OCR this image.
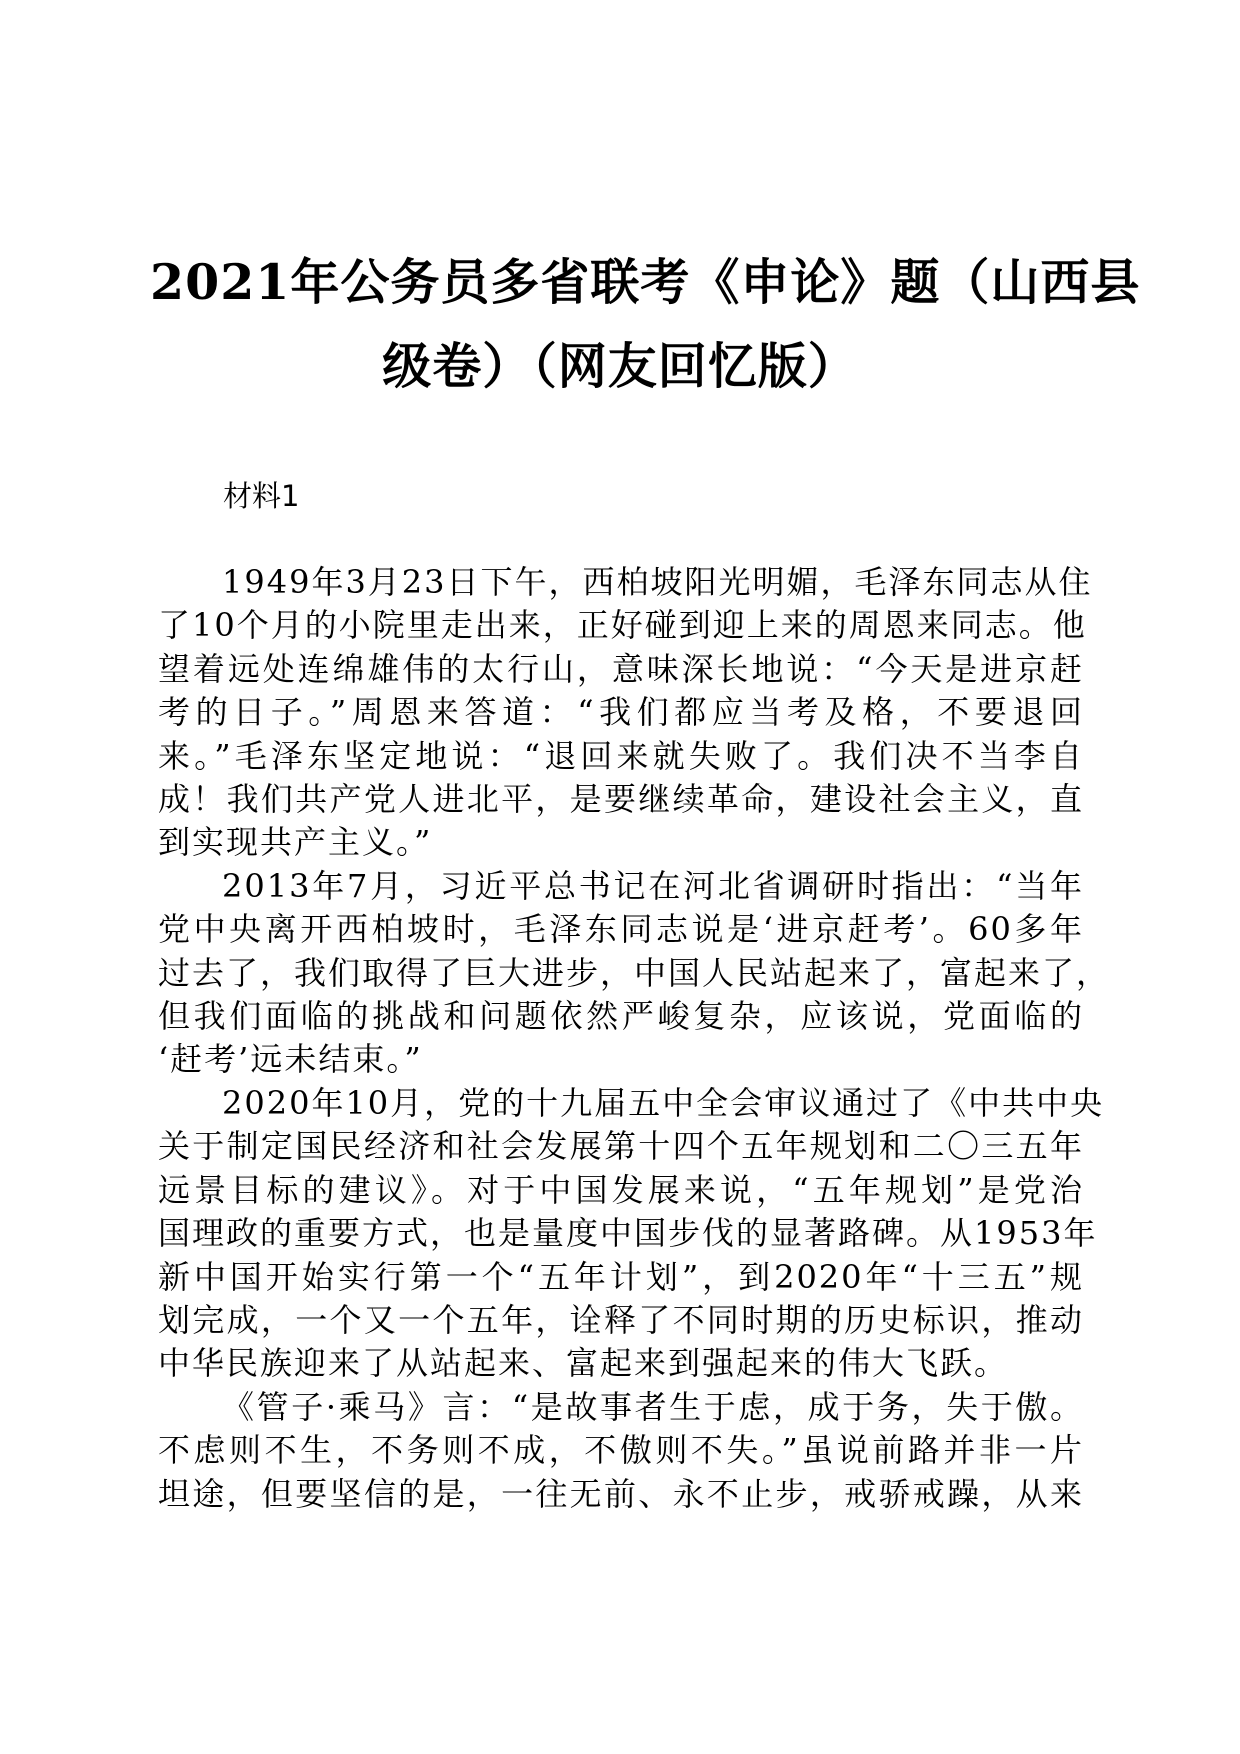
2021年公务员多省联考《申论》题（山西县
级卷）（网友回忆版）

材料1

1949年3月23日下午，西柏坡阳光明媚，毛泽东同志从住
了10个月的小院里走出来，正好碰到迎上来的周恩来同志。他
望着远处连绵雄伟的太行山，意味深长地说：“今天是进京赶
考的日子。”周恩来答道：“我们都应当考及格，不要退回
来。”毛泽东坚定地说：“退回来就失败了。我们决不当李自
成！我们共产党人进北平，是要继续革命，建设社会主义，直
到实现共产主义。”

2013年7月，习近平总书记在河北省调研时指出：“当年
党中央离开西柏坡时，毛泽东同志说是‘进京赶考’。60多年
过去了，我们取得了巨大进步，中国人民站起来了，富起来了，
但我们面临的挑战和问题依然严峻复杂，应该说，党面临的
‘赶考’远未结束。”

2020年10月，党的十九届五中全会审议通过了《中共中央
关于制定国民经济和社会发展第十四个五年规划和二〇三五年
远景目标的建议》。对于中国发展来说，“五年规划”是党治
国理政的重要方式，也是量度中国步伐的显著路碑。从1953年
新中国开始实行第一个“五年计划”，到2020年“十三五”规
划完成，一个又一个五年，诠释了不同时期的历史标识，推动
中华民族迎来了从站起来、富起来到强起来的伟大飞跃。

《管子·乘马》言：“是故事者生于虑，成于务，失于傲。
不虑则不生，不务则不成，不傲则不失。”虽说前路并非一片
坦途，但要坚信的是，一往无前、永不止步，戒骄戒躁，从来
